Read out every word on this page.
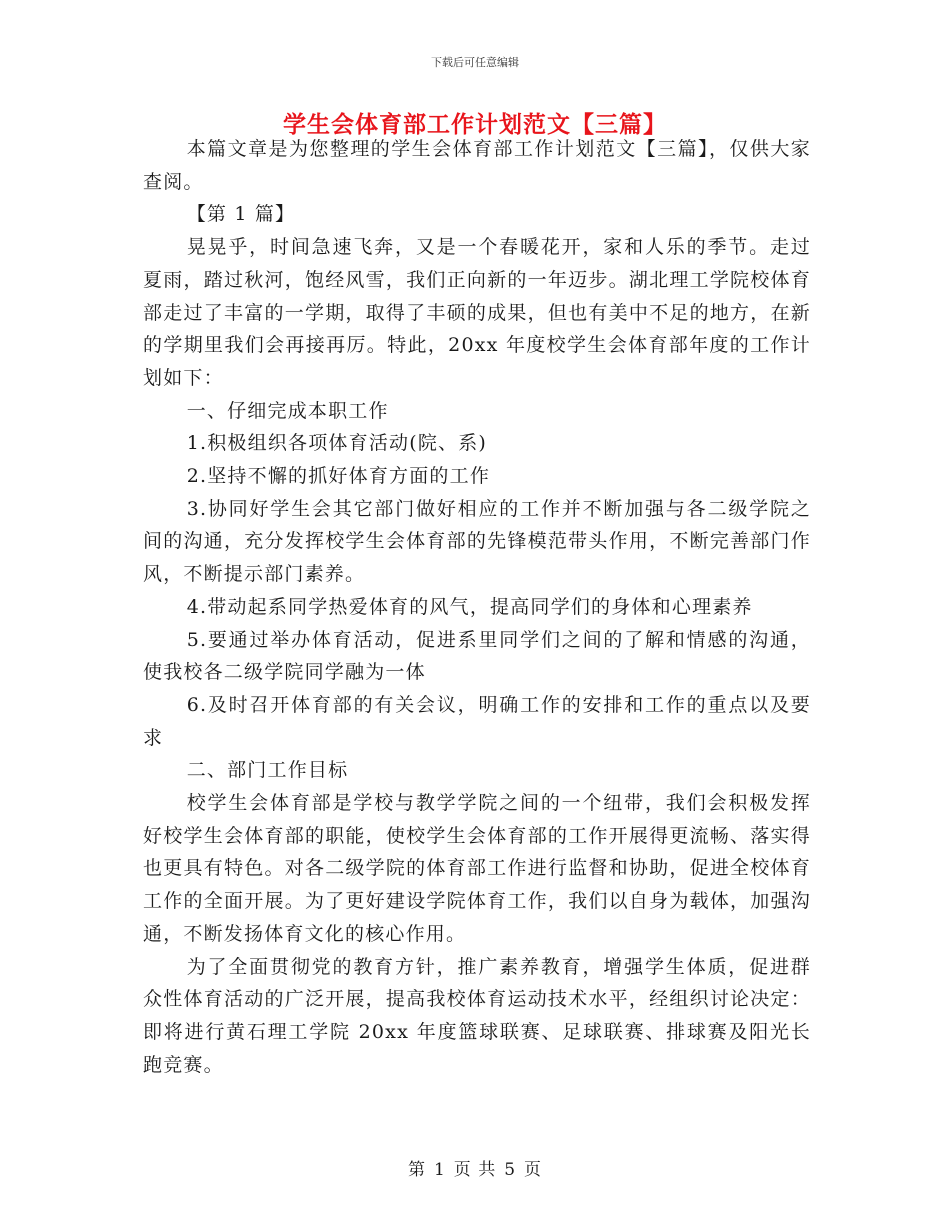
下载后可任意编辑
学生会体育部工作计划范文【三篇】

本篇文章是为您整理的学生会体育部工作计划范文【三篇】，仅供大家查阅。

【第 1 篇】

晃晃乎，时间急速飞奔，又是一个春暖花开，家和人乐的季节。走过夏雨，踏过秋河，饱经风雪，我们正向新的一年迈步。湖北理工学院校体育部走过了丰富的一学期，取得了丰硕的成果，但也有美中不足的地方，在新的学期里我们会再接再厉。特此，20xx 年度校学生会体育部年度的工作计划如下：

一、仔细完成本职工作

1.积极组织各项体育活动(院、系)

2.坚持不懈的抓好体育方面的工作

3.协同好学生会其它部门做好相应的工作并不断加强与各二级学院之间的沟通，充分发挥校学生会体育部的先锋模范带头作用，不断完善部门作风，不断提示部门素养。

4.带动起系同学热爱体育的风气，提高同学们的身体和心理素养

5.要通过举办体育活动，促进系里同学们之间的了解和情感的沟通，使我校各二级学院同学融为一体

6.及时召开体育部的有关会议，明确工作的安排和工作的重点以及要求

二、部门工作目标

校学生会体育部是学校与教学学院之间的一个纽带，我们会积极发挥好校学生会体育部的职能，使校学生会体育部的工作开展得更流畅、落实得也更具有特色。对各二级学院的体育部工作进行监督和协助，促进全校体育工作的全面开展。为了更好建设学院体育工作，我们以自身为载体，加强沟通，不断发扬体育文化的核心作用。

为了全面贯彻党的教育方针，推广素养教育，增强学生体质，促进群众性体育活动的广泛开展，提高我校体育运动技术水平，经组织讨论决定：即将进行黄石理工学院 20xx 年度篮球联赛、足球联赛、排球赛及阳光长跑竞赛。

第 1 页 共 5 页
